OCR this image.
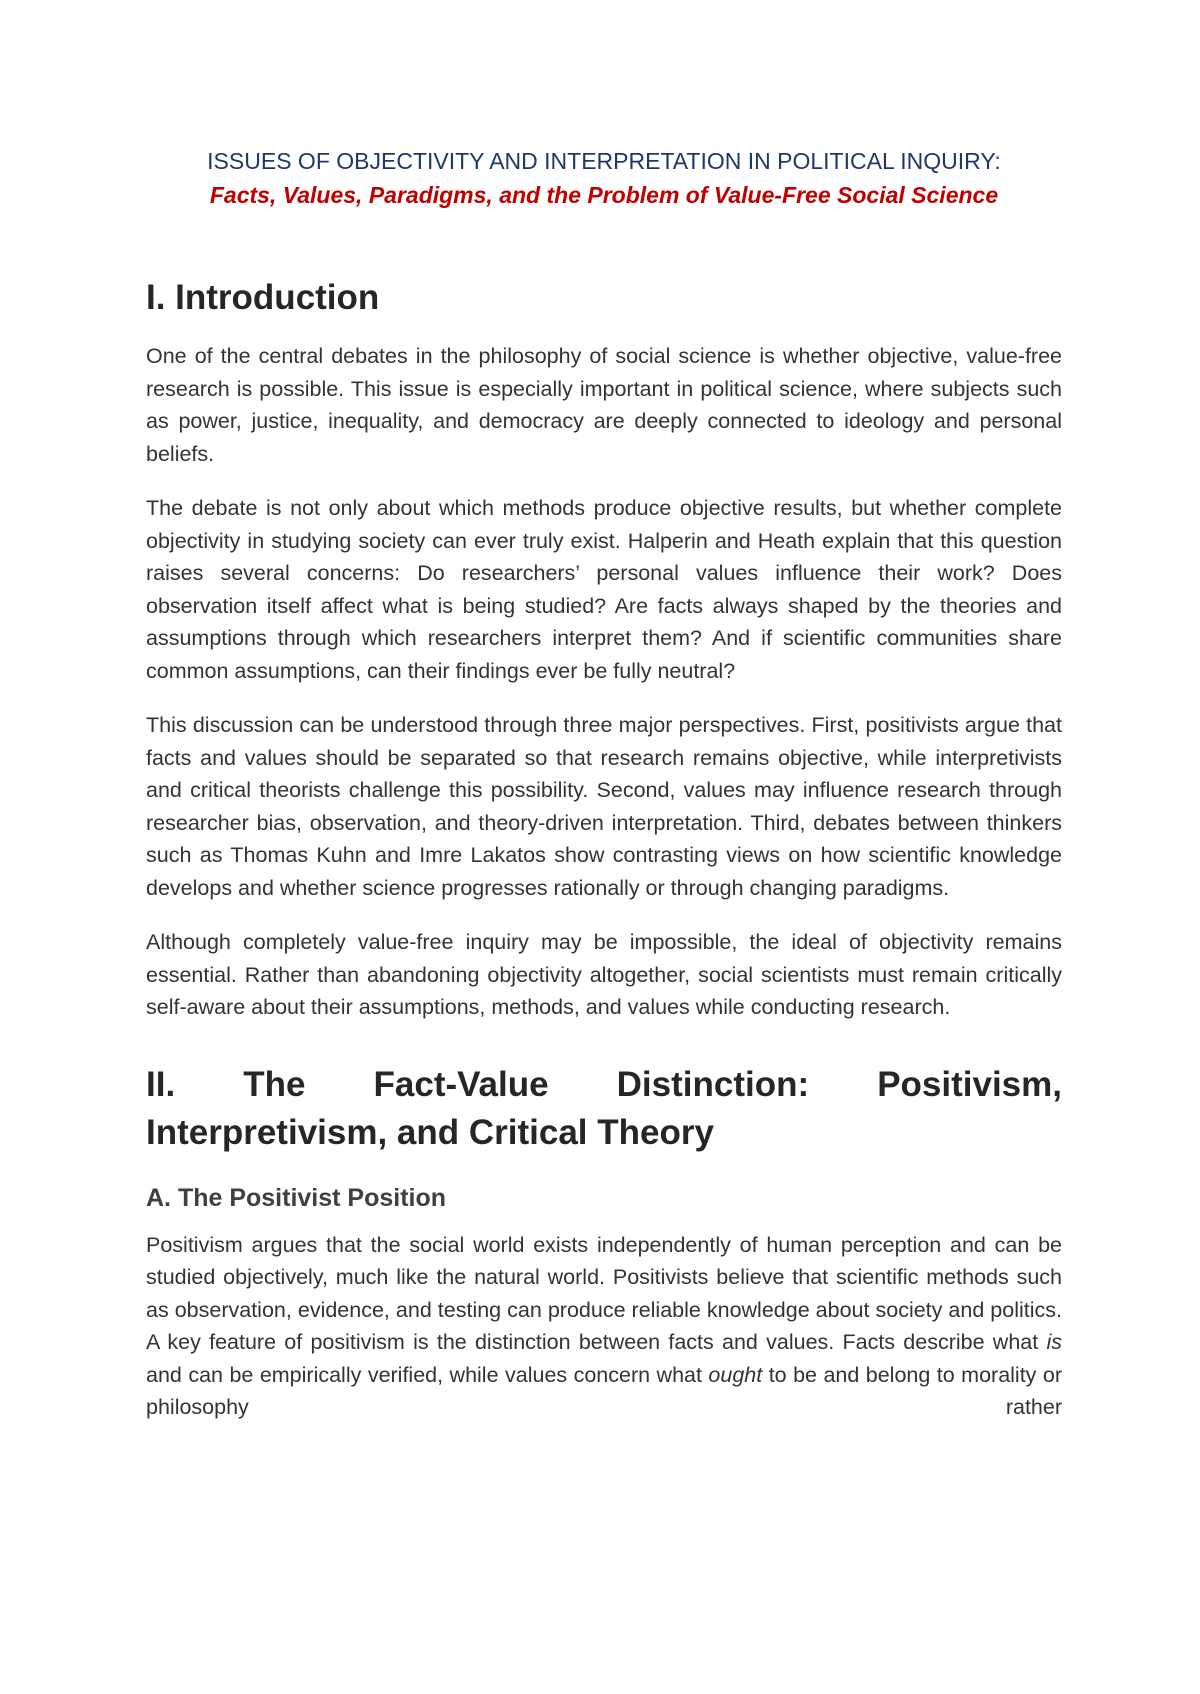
ISSUES OF OBJECTIVITY AND INTERPRETATION IN POLITICAL INQUIRY:
Facts, Values, Paradigms, and the Problem of Value-Free Social Science
I. Introduction

One of the central debates in the philosophy of social science is whether objective, value-free research is possible. This issue is especially important in political science, where subjects such as power, justice, inequality, and democracy are deeply connected to ideology and personal beliefs.

The debate is not only about which methods produce objective results, but whether complete objectivity in studying society can ever truly exist. Halperin and Heath explain that this question raises several concerns: Do researchers’ personal values influence their work? Does observation itself affect what is being studied? Are facts always shaped by the theories and assumptions through which researchers interpret them? And if scientific communities share common assumptions, can their findings ever be fully neutral?

This discussion can be understood through three major perspectives. First, positivists argue that facts and values should be separated so that research remains objective, while interpretivists and critical theorists challenge this possibility. Second, values may influence research through researcher bias, observation, and theory-driven interpretation. Third, debates between thinkers such as Thomas Kuhn and Imre Lakatos show contrasting views on how scientific knowledge develops and whether science progresses rationally or through changing paradigms.

Although completely value-free inquiry may be impossible, the ideal of objectivity remains essential. Rather than abandoning objectivity altogether, social scientists must remain critically self-aware about their assumptions, methods, and values while conducting research.

II. The Fact-Value Distinction: Positivism, Interpretivism, and Critical Theory
A. The Positivist Position

Positivism argues that the social world exists independently of human perception and can be studied objectively, much like the natural world. Positivists believe that scientific methods such as observation, evidence, and testing can produce reliable knowledge about society and politics. A key feature of positivism is the distinction between facts and values. Facts describe what is and can be empirically verified, while values concern what ought to be and belong to morality or philosophy rather
